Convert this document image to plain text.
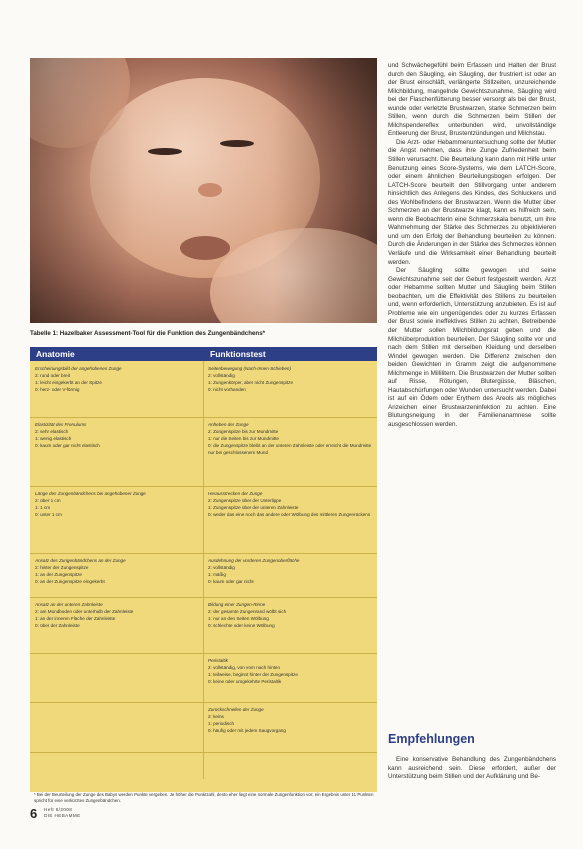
Tabelle 1: Hazelbaker Assessment-Tool für die Funktion des Zungenbändchens*
Anatomie	Funktionstest
Erscheinungsbild der angehobenen Zunge
2: rund oder breit
1: leicht eingekerbt an der Spitze
0: herz- oder V-förmig
Seitenbewegung (Nach-Innen-Schieben)
2: vollständig
1: Zungenkörper, aber nicht Zungenspitze
0: nicht vorhanden
Elastizität des Frenulums
2: sehr elastisch
1: wenig elastisch
0: kaum oder gar nicht elastisch
Anheben der Zunge
2: Zungenspitze bis zur Mundmitte
1: nur die Seiten bis zur Mundmitte
0: die Zungenspitze bleibt an der unteren Zahnleiste oder erreicht die Mundmitte nur bei geschlossenem Mund
Länge des Zungenbändchens bei angehobener Zunge
2: über 1 cm
1: 1 cm
0: unter 1 cm
Herausstrecken der Zunge
2: Zungenspitze über der Unterlippe
1: Zungenspitze über der unteren Zahnleiste
0: weder das eine noch das andere oder Wölbung des mittleren Zungenrückens
Ansatz des Zungenbändchens an der Zunge
2: hinter der Zungenspitze
1: an der Zungenspitze
0: an der Zungenspitze eingekerbt
Ausdehnung der vorderen Zungenoberfläche
2: vollständig
1: mäßig
0: kaum oder gar nicht
Ansatz an der unteren Zahnleiste
2: am Mundboden oder unterhalb der Zahnleiste
1: an der inneren Fläche der Zahnleiste
0: über der Zahnleiste
Bildung einer Zungen-Rinne
2: der gesamte Zungenrand wölbt sich
1: nur an den Seiten Wölbung
0: schlechte oder keine Wölbung
Peristaltik
2: vollständig, von vorn nach hinten
1: teilweise, beginnt hinter der Zungenspitze
0: keine oder umgekehrte Peristaltik
Zurückschnellen der Zunge
2: keins
1: periodisch
0: häufig oder mit jedem Saugvorgang
* Bei der Beurteilung der Zunge des Babys werden Punkte vergeben. Je höher die Punktzahl, desto eher liegt eine normale Zungenfunktion vor; ein Ergebnis unter 11 Punkten spricht für eine verkürztes Zungenbändchen.
6 Heft 6/2008
DIE HEBAMME

und Schwächegefühl beim Erfassen und Halten der Brust durch den Säugling, ein Säugling, der frustriert ist oder an der Brust einschläft, verlängerte Stillzeiten, unzureichende Milchbildung, mangelnde Gewichtszunahme, Säugling wird bei der Flaschenfütterung besser versorgt als bei der Brust, wunde oder verletzte Brustwarzen, starke Schmerzen beim Stillen, wenn durch die Schmerzen beim Stillen der Milchspendereflex unterbunden wird, unvollständige Entleerung der Brust, Brustentzündungen und Milchstau.

Die Arzt- oder Hebammenuntersuchung sollte der Mutter die Angst nehmen, dass ihre Zunge Zufriedenheit beim Stillen verursacht. Die Beurteilung kann dann mit Hilfe unter Benutzung eines Score-Systems, wie dem LATCH-Score, oder einem ähnlichen Beurteilungsbogen erfolgen. Der LATCH-Score beurteilt den Stillvorgang unter anderem hinsichtlich des Anlegens des Kindes, des Schluckens und des Wohlbefindens der Brustwarzen. Wenn die Mutter über Schmerzen an der Brustwarze klagt, kann es hilfreich sein, wenn die Beobachterin eine Schmerzskala benutzt, um ihre Wahrnehmung der Stärke des Schmerzes zu objektivieren und um den Erfolg der Behandlung beurteilen zu können. Durch die Änderungen in der Stärke des Schmerzes können Verläufe und die Wirksamkeit einer Behandlung beurteilt werden.

Der Säugling sollte gewogen und seine Gewichtszunahme seit der Geburt festgestellt werden. Arzt oder Hebamme sollten Mutter und Säugling beim Stillen beobachten, um die Effektivität des Stillens zu beurteilen und, wenn erforderlich, Unterstützung anzubieten. Es ist auf Probleme wie ein ungenügendes oder zu kurzes Erfassen der Brust sowie ineffektives Stillen zu achten, Betreibende der Mutter sollen Milchbildungsrat geben und die Milchüberproduktion beurteilen. Der Säugling sollte vor und nach dem Stillen mit derselben Kleidung und derselben Windel gewogen werden. Die Differenz zwischen den beiden Gewichten in Gramm zeigt die aufgenommene Milchmenge in Millilitern. Die Brustwarzen der Mutter sollten auf Risse, Rötungen, Blutergüsse, Bläschen, Hautabschürfungen oder Wunden untersucht werden. Dabei ist auf ein Ödem oder Erythem des Areols als mögliches Anzeichen einer Brustwarzeninfektion zu achten. Eine Blutungsneigung in der Familienanamnese sollte ausgeschlossen werden.

Empfehlungen

Eine konservative Behandlung des Zungenbändchens kann ausreichend sein. Diese erfordert, außer der Unterstützung beim Stillen und der Aufklärung und Be-
